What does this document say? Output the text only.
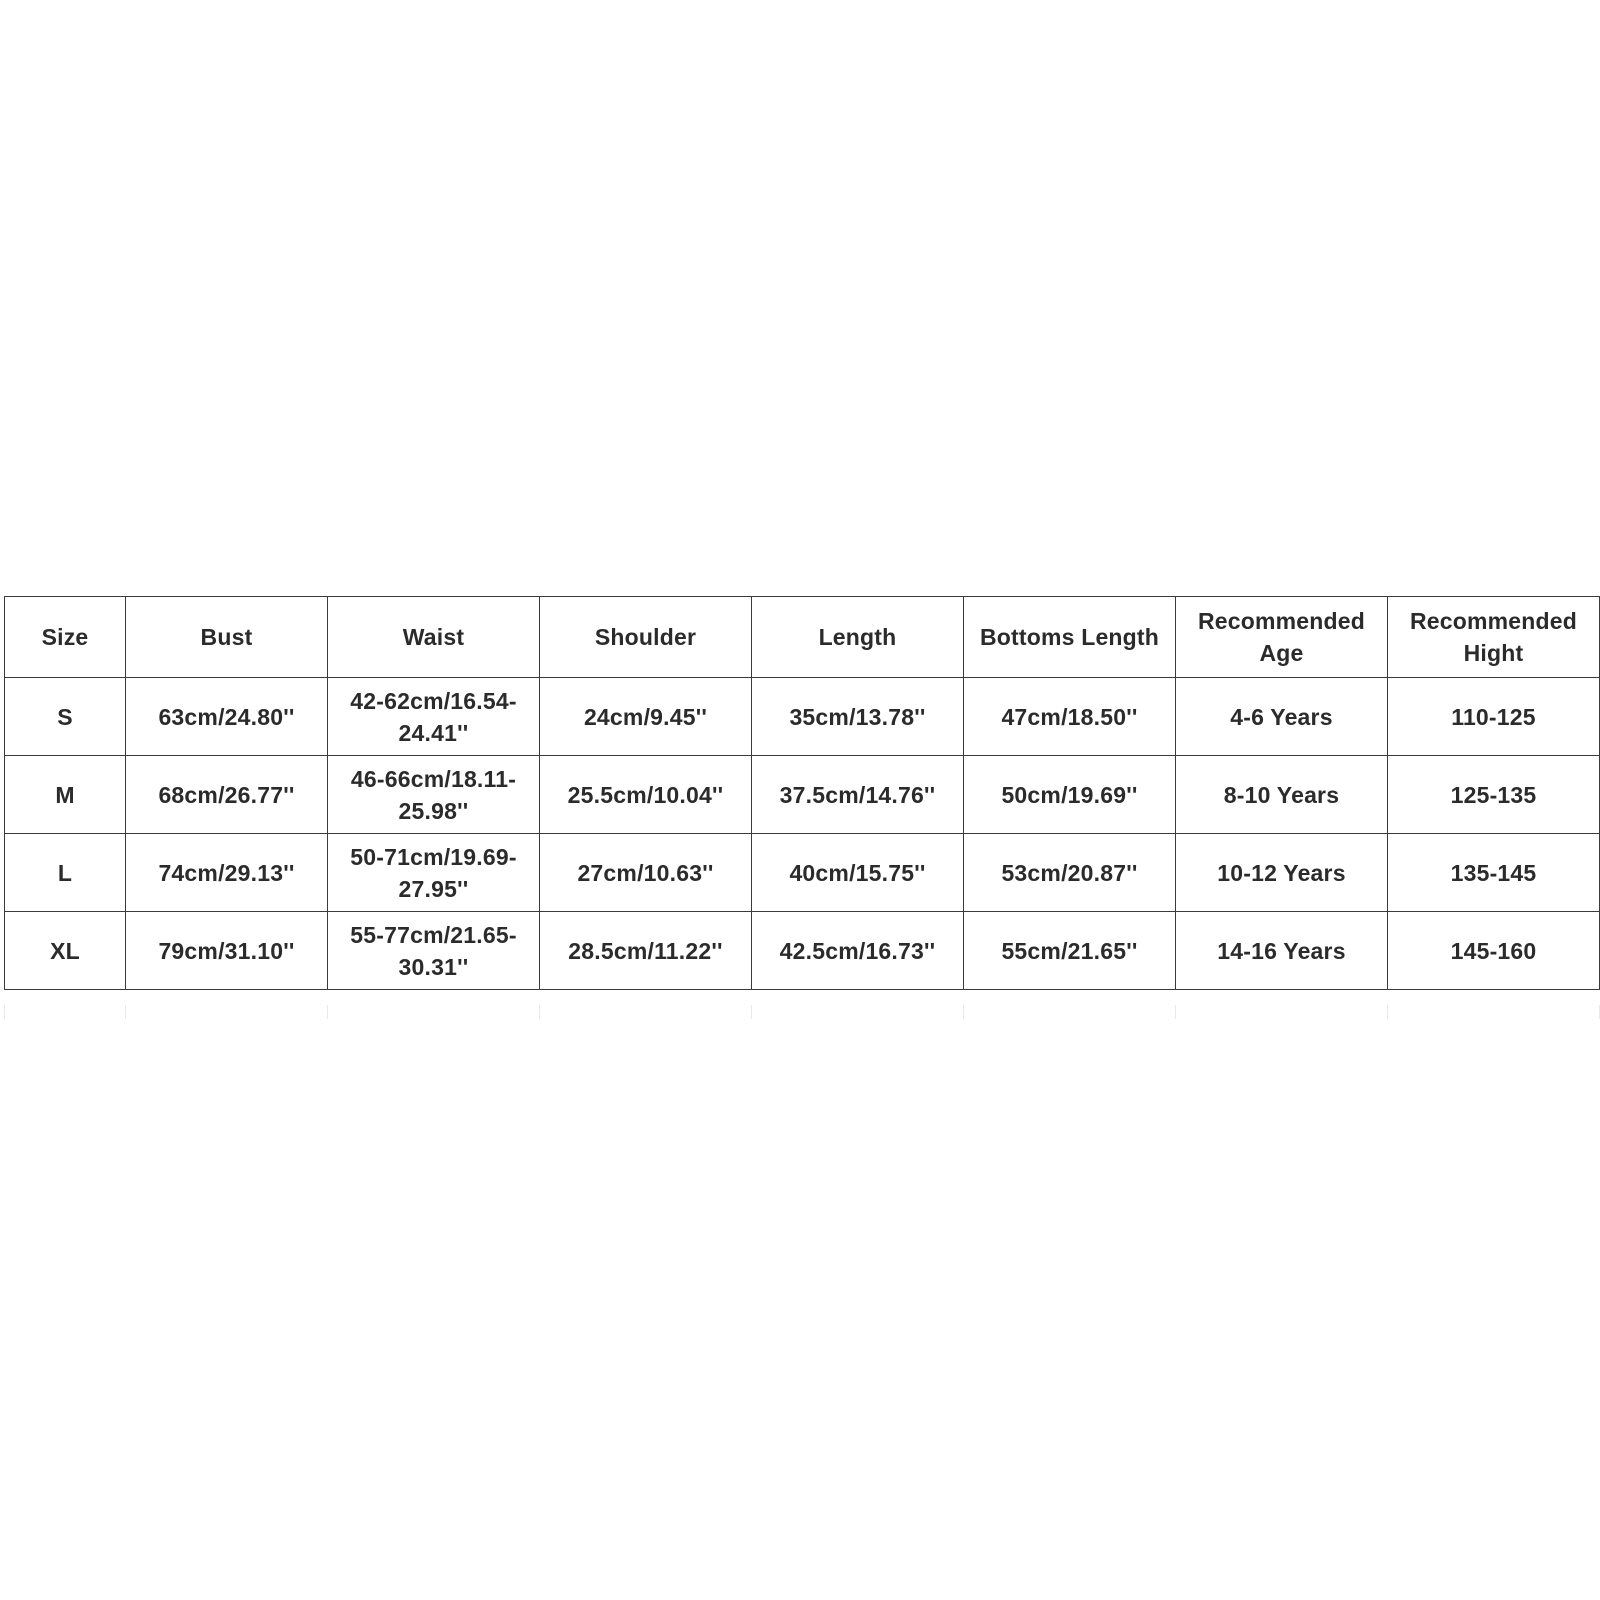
Size	Bust	Waist	Shoulder	Length	Bottoms Length	Recommended Age	Recommended Hight
S	63cm/24.80''	42-62cm/16.54-24.41''	24cm/9.45''	35cm/13.78''	47cm/18.50''	4-6 Years	110-125
M	68cm/26.77''	46-66cm/18.11-25.98''	25.5cm/10.04''	37.5cm/14.76''	50cm/19.69''	8-10 Years	125-135
L	74cm/29.13''	50-71cm/19.69-27.95''	27cm/10.63''	40cm/15.75''	53cm/20.87''	10-12 Years	135-145
XL	79cm/31.10''	55-77cm/21.65-30.31''	28.5cm/11.22''	42.5cm/16.73''	55cm/21.65''	14-16 Years	145-160
